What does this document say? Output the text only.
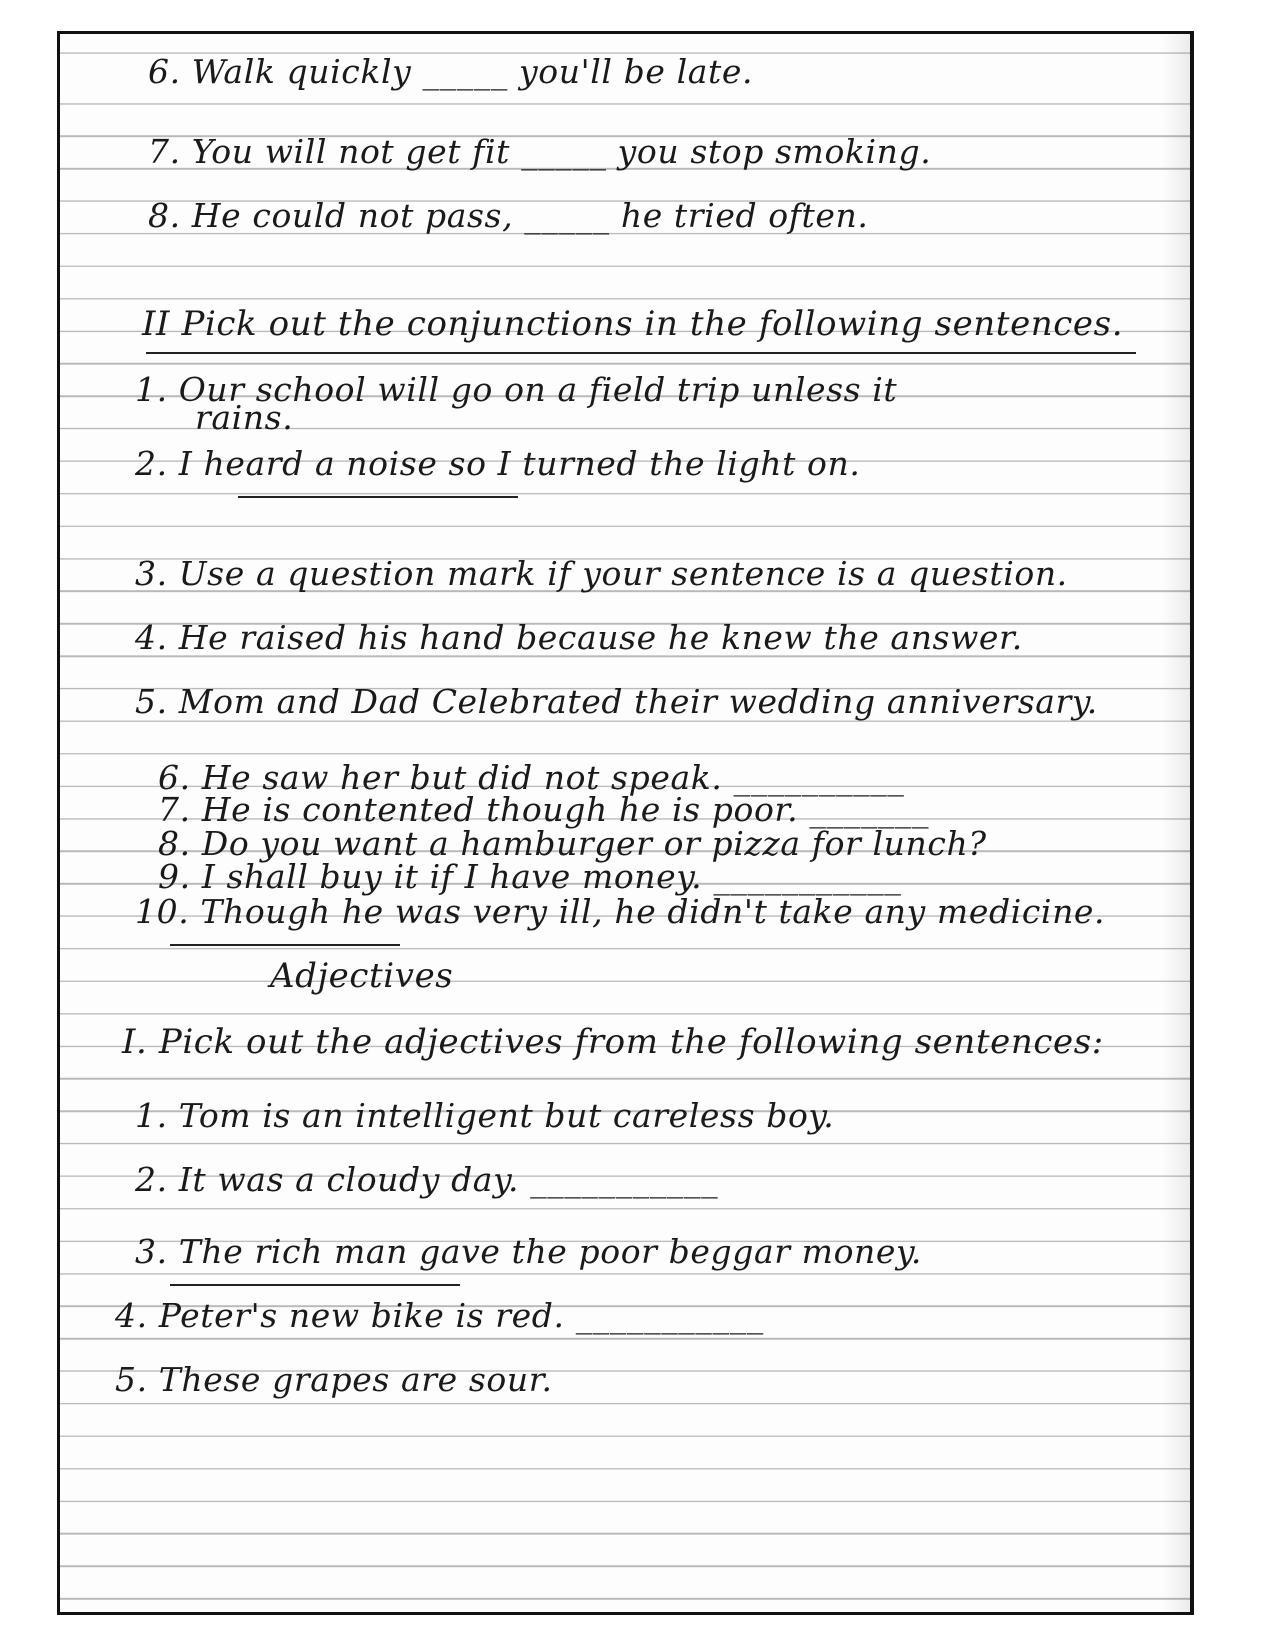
6. Walk quickly _____ you'll be late.
7. You will not get fit _____ you stop smoking.
8. He could not pass, _____ he tried often.
II Pick out the conjunctions in the following sentences.
1. Our school will go on a field trip unless it
rains.
2. I heard a noise so I turned the light on.
3. Use a question mark if your sentence is a question.
4. He raised his hand because he knew the answer.
5. Mom and Dad Celebrated their wedding anniversary.
6. He saw her but did not speak. __________
7. He is contented though he is poor. _______
8. Do you want a hamburger or pizza for lunch?
9. I shall buy it if I have money. ___________
10. Though he was very ill, he didn't take any medicine.
Adjectives
I. Pick out the adjectives from the following sentences:
1. Tom is an intelligent but careless boy.
2. It was a cloudy day. ___________
3. The rich man gave the poor beggar money.
4. Peter's new bike is red. ___________
5. These grapes are sour.
